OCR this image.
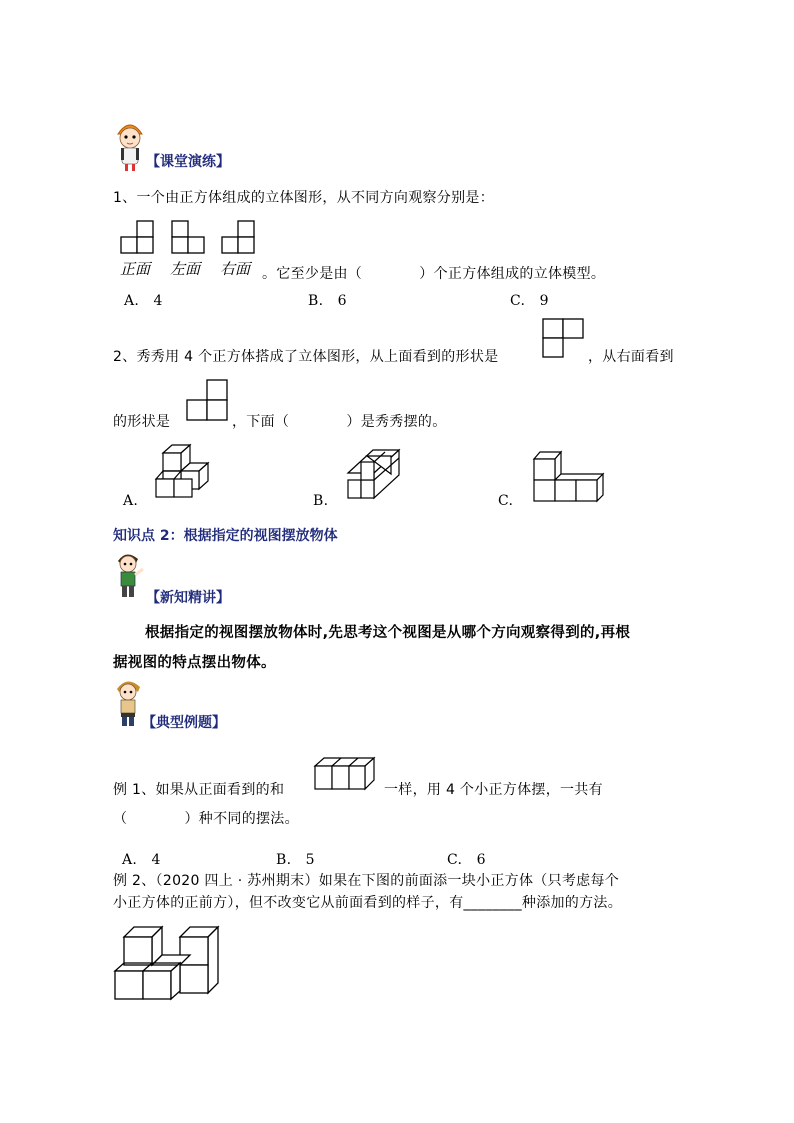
【课堂演练】
1、一个由正方体组成的立体图形，从不同方向观察分别是：
正面 左面 右面 。它至少是由（　　　　）个正方体组成的立体模型。
A.　4	B.　6	C.　9
2、秀秀用 4 个正方体搭成了立体图形，从上面看到的形状是	，从右面看到
的形状是	，下面（　　　　）是秀秀摆的。
A.	B.	C.
知识点 2：根据指定的视图摆放物体
【新知精讲】
根据指定的视图摆放物体时,先思考这个视图是从哪个方向观察得到的,再根
据视图的特点摆出物体。
【典型例题】
例 1、如果从正面看到的和	一样，用 4 个小正方体摆，一共有
（　　　　）种不同的摆法。
A.　4	B.　5	C.　6
例 2、（2020 四上 · 苏州期末）如果在下图的前面添一块小正方体（只考虑每个
小正方体的正前方），但不改变它从前面看到的样子，有________种添加的方法。
